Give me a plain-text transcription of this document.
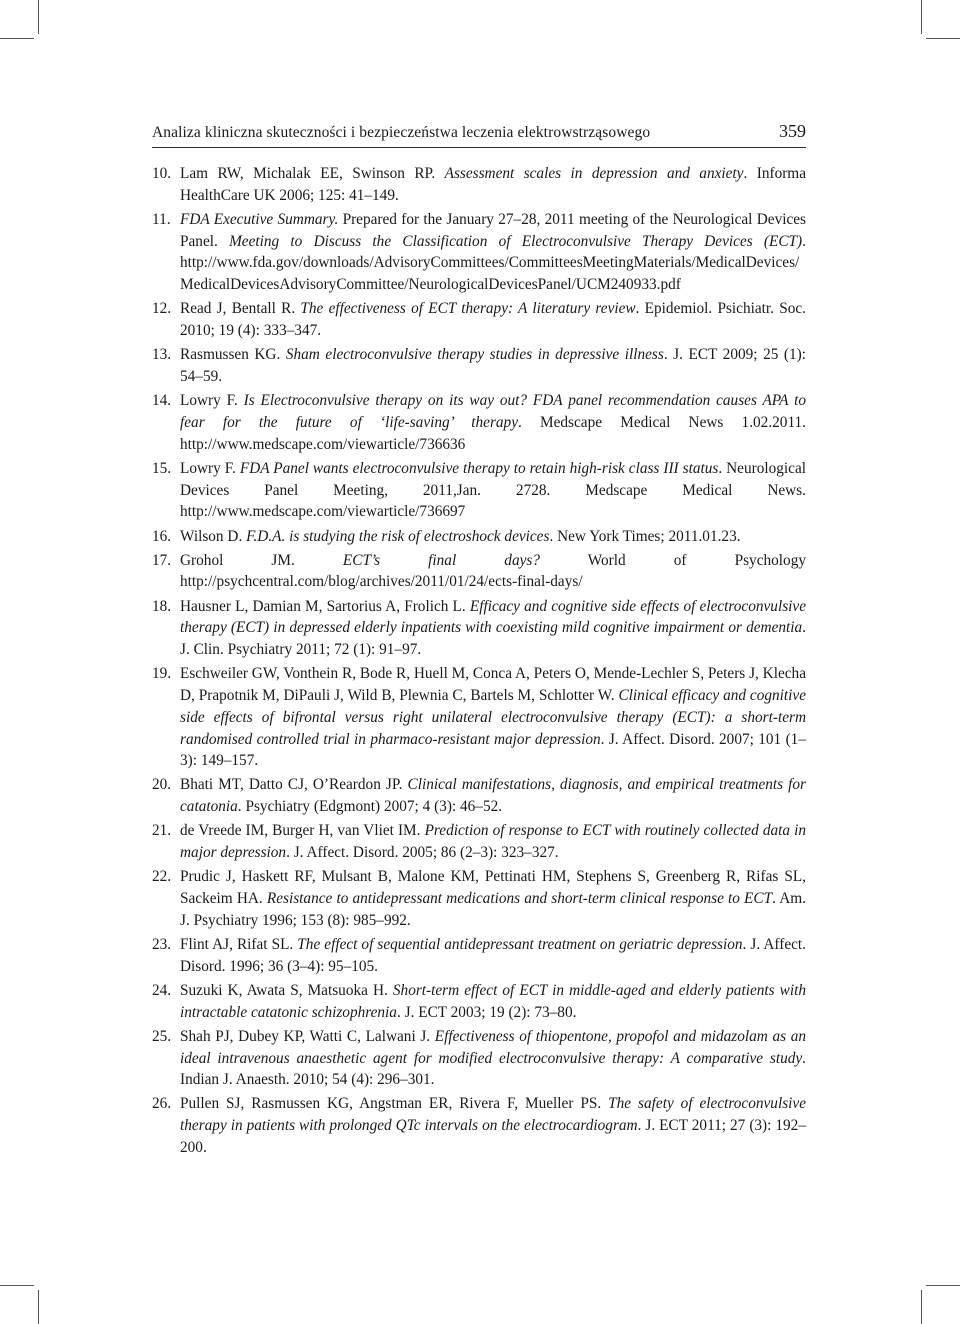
Analiza kliniczna skuteczności i bezpieczeństwa leczenia elektrowstrząsowego	359
10. Lam RW, Michalak EE, Swinson RP. Assessment scales in depression and anxiety. Informa HealthCare UK 2006; 125: 41–149.
11. FDA Executive Summary. Prepared for the January 27–28, 2011 meeting of the Neurological Devices Panel. Meeting to Discuss the Classification of Electroconvulsive Therapy Devices (ECT). http://www.fda.gov/downloads/AdvisoryCommittees/CommitteesMeetingMaterials/MedicalDevices/MedicalDevicesAdvisoryCommittee/NeurologicalDevicesPanel/UCM240933.pdf
12. Read J, Bentall R. The effectiveness of ECT therapy: A literatury review. Epidemiol. Psichiatr. Soc. 2010; 19 (4): 333–347.
13. Rasmussen KG. Sham electroconvulsive therapy studies in depressive illness. J. ECT 2009; 25 (1): 54–59.
14. Lowry F. Is Electroconvulsive therapy on its way out? FDA panel recommendation causes APA to fear for the future of ‘life-saving’ therapy. Medscape Medical News 1.02.2011. http://www.medscape.com/viewarticle/736636
15. Lowry F. FDA Panel wants electroconvulsive therapy to retain high-risk class III status. Neurological Devices Panel Meeting, 2011,Jan. 2728. Medscape Medical News. http://www.medscape.com/viewarticle/736697
16. Wilson D. F.D.A. is studying the risk of electroshock devices. New York Times; 2011.01.23.
17. Grohol JM. ECT’s final days? World of Psychology http://psychcentral.com/blog/archives/2011/01/24/ects-final-days/
18. Hausner L, Damian M, Sartorius A, Frolich L. Efficacy and cognitive side effects of electroconvulsive therapy (ECT) in depressed elderly inpatients with coexisting mild cognitive impairment or dementia. J. Clin. Psychiatry 2011; 72 (1): 91–97.
19. Eschweiler GW, Vonthein R, Bode R, Huell M, Conca A, Peters O, Mende-Lechler S, Peters J, Klecha D, Prapotnik M, DiPauli J, Wild B, Plewnia C, Bartels M, Schlotter W. Clinical efficacy and cognitive side effects of bifrontal versus right unilateral electroconvulsive therapy (ECT): a short-term randomised controlled trial in pharmaco-resistant major depression. J. Affect. Disord. 2007; 101 (1–3): 149–157.
20. Bhati MT, Datto CJ, O’Reardon JP. Clinical manifestations, diagnosis, and empirical treatments for catatonia. Psychiatry (Edgmont) 2007; 4 (3): 46–52.
21. de Vreede IM, Burger H, van Vliet IM. Prediction of response to ECT with routinely collected data in major depression. J. Affect. Disord. 2005; 86 (2–3): 323–327.
22. Prudic J, Haskett RF, Mulsant B, Malone KM, Pettinati HM, Stephens S, Greenberg R, Rifas SL, Sackeim HA. Resistance to antidepressant medications and short-term clinical response to ECT. Am. J. Psychiatry 1996; 153 (8): 985–992.
23. Flint AJ, Rifat SL. The effect of sequential antidepressant treatment on geriatric depression. J. Affect. Disord. 1996; 36 (3–4): 95–105.
24. Suzuki K, Awata S, Matsuoka H. Short-term effect of ECT in middle-aged and elderly patients with intractable catatonic schizophrenia. J. ECT 2003; 19 (2): 73–80.
25. Shah PJ, Dubey KP, Watti C, Lalwani J. Effectiveness of thiopentone, propofol and midazolam as an ideal intravenous anaesthetic agent for modified electroconvulsive therapy: A comparative study. Indian J. Anaesth. 2010; 54 (4): 296–301.
26. Pullen SJ, Rasmussen KG, Angstman ER, Rivera F, Mueller PS. The safety of electroconvulsive therapy in patients with prolonged QTc intervals on the electrocardiogram. J. ECT 2011; 27 (3): 192–200.
